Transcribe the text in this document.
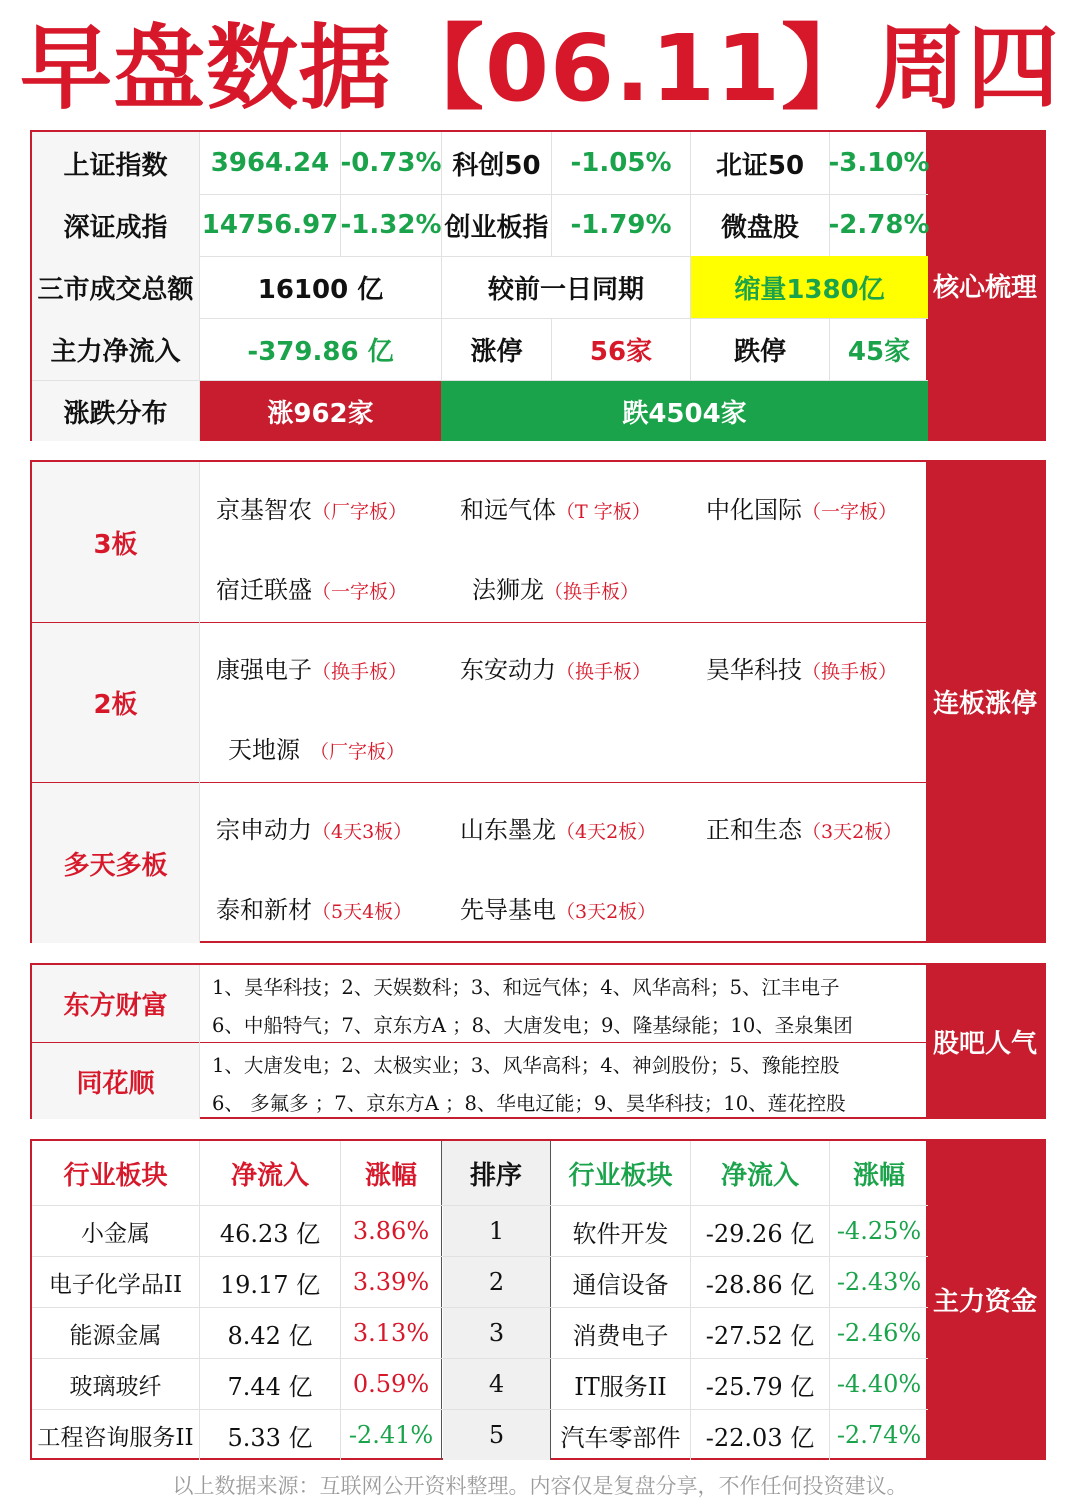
早盘数据【06.11】周四
核心梳理
上证指数	3964.24 -0.73% 科创50	-1.05%	北证50 -3.10%
深证成指	14756.97 -1.32% 创业板指 -1.79%	微盘股	-2.78%
三市成交总额	16100 亿	较前一日同期	缩量1380亿
主力净流入	-379.86 亿	涨停	56家	跌停	45家
涨跌分布	涨962家	跌4504家
连板涨停
3板
京基智农（厂字板） 和远气体（T 字板） 中化国际（一字板）
宿迁联盛（一字板）	法狮龙（换手板）
2板
康强电子（换手板） 东安动力（换手板） 昊华科技（换手板）
天地源 （厂字板）
多天多板
宗申动力（4天3板） 山东墨龙（4天2板） 正和生态（3天2板）
泰和新材（5天4板） 先导基电（3天2板）
股吧人气
东方财富
同花顺
1、昊华科技；2、天娱数科；3、和远气体；4、风华高科；5、江丰电子
6、中船特气；7、京东方A ；8、大唐发电；9、隆基绿能；10、圣泉集团
1、大唐发电；2、太极实业；3、风华高科；4、神剑股份；5、豫能控股
6、 多氟多 ；7、京东方A ；8、华电辽能；9、昊华科技；10、莲花控股
主力资金
行业板块	净流入	涨幅	排序	行业板块	净流入	涨幅
小金属	46.23 亿	3.86%	1	软件开发	-29.26 亿 -4.25%
电子化学品II	19.17 亿	3.39%	2	通信设备	-28.86 亿 -2.43%
能源金属	8.42 亿	3.13%	3	消费电子	-27.52 亿 -2.46%
玻璃玻纤	7.44 亿	0.59%	4	IT服务II	-25.79 亿 -4.40%
工程咨询服务II	5.33 亿	-2.41%	5	汽车零部件	-22.03 亿 -2.74%
以上数据来源：互联网公开资料整理。内容仅是复盘分享，不作任何投资建议。
